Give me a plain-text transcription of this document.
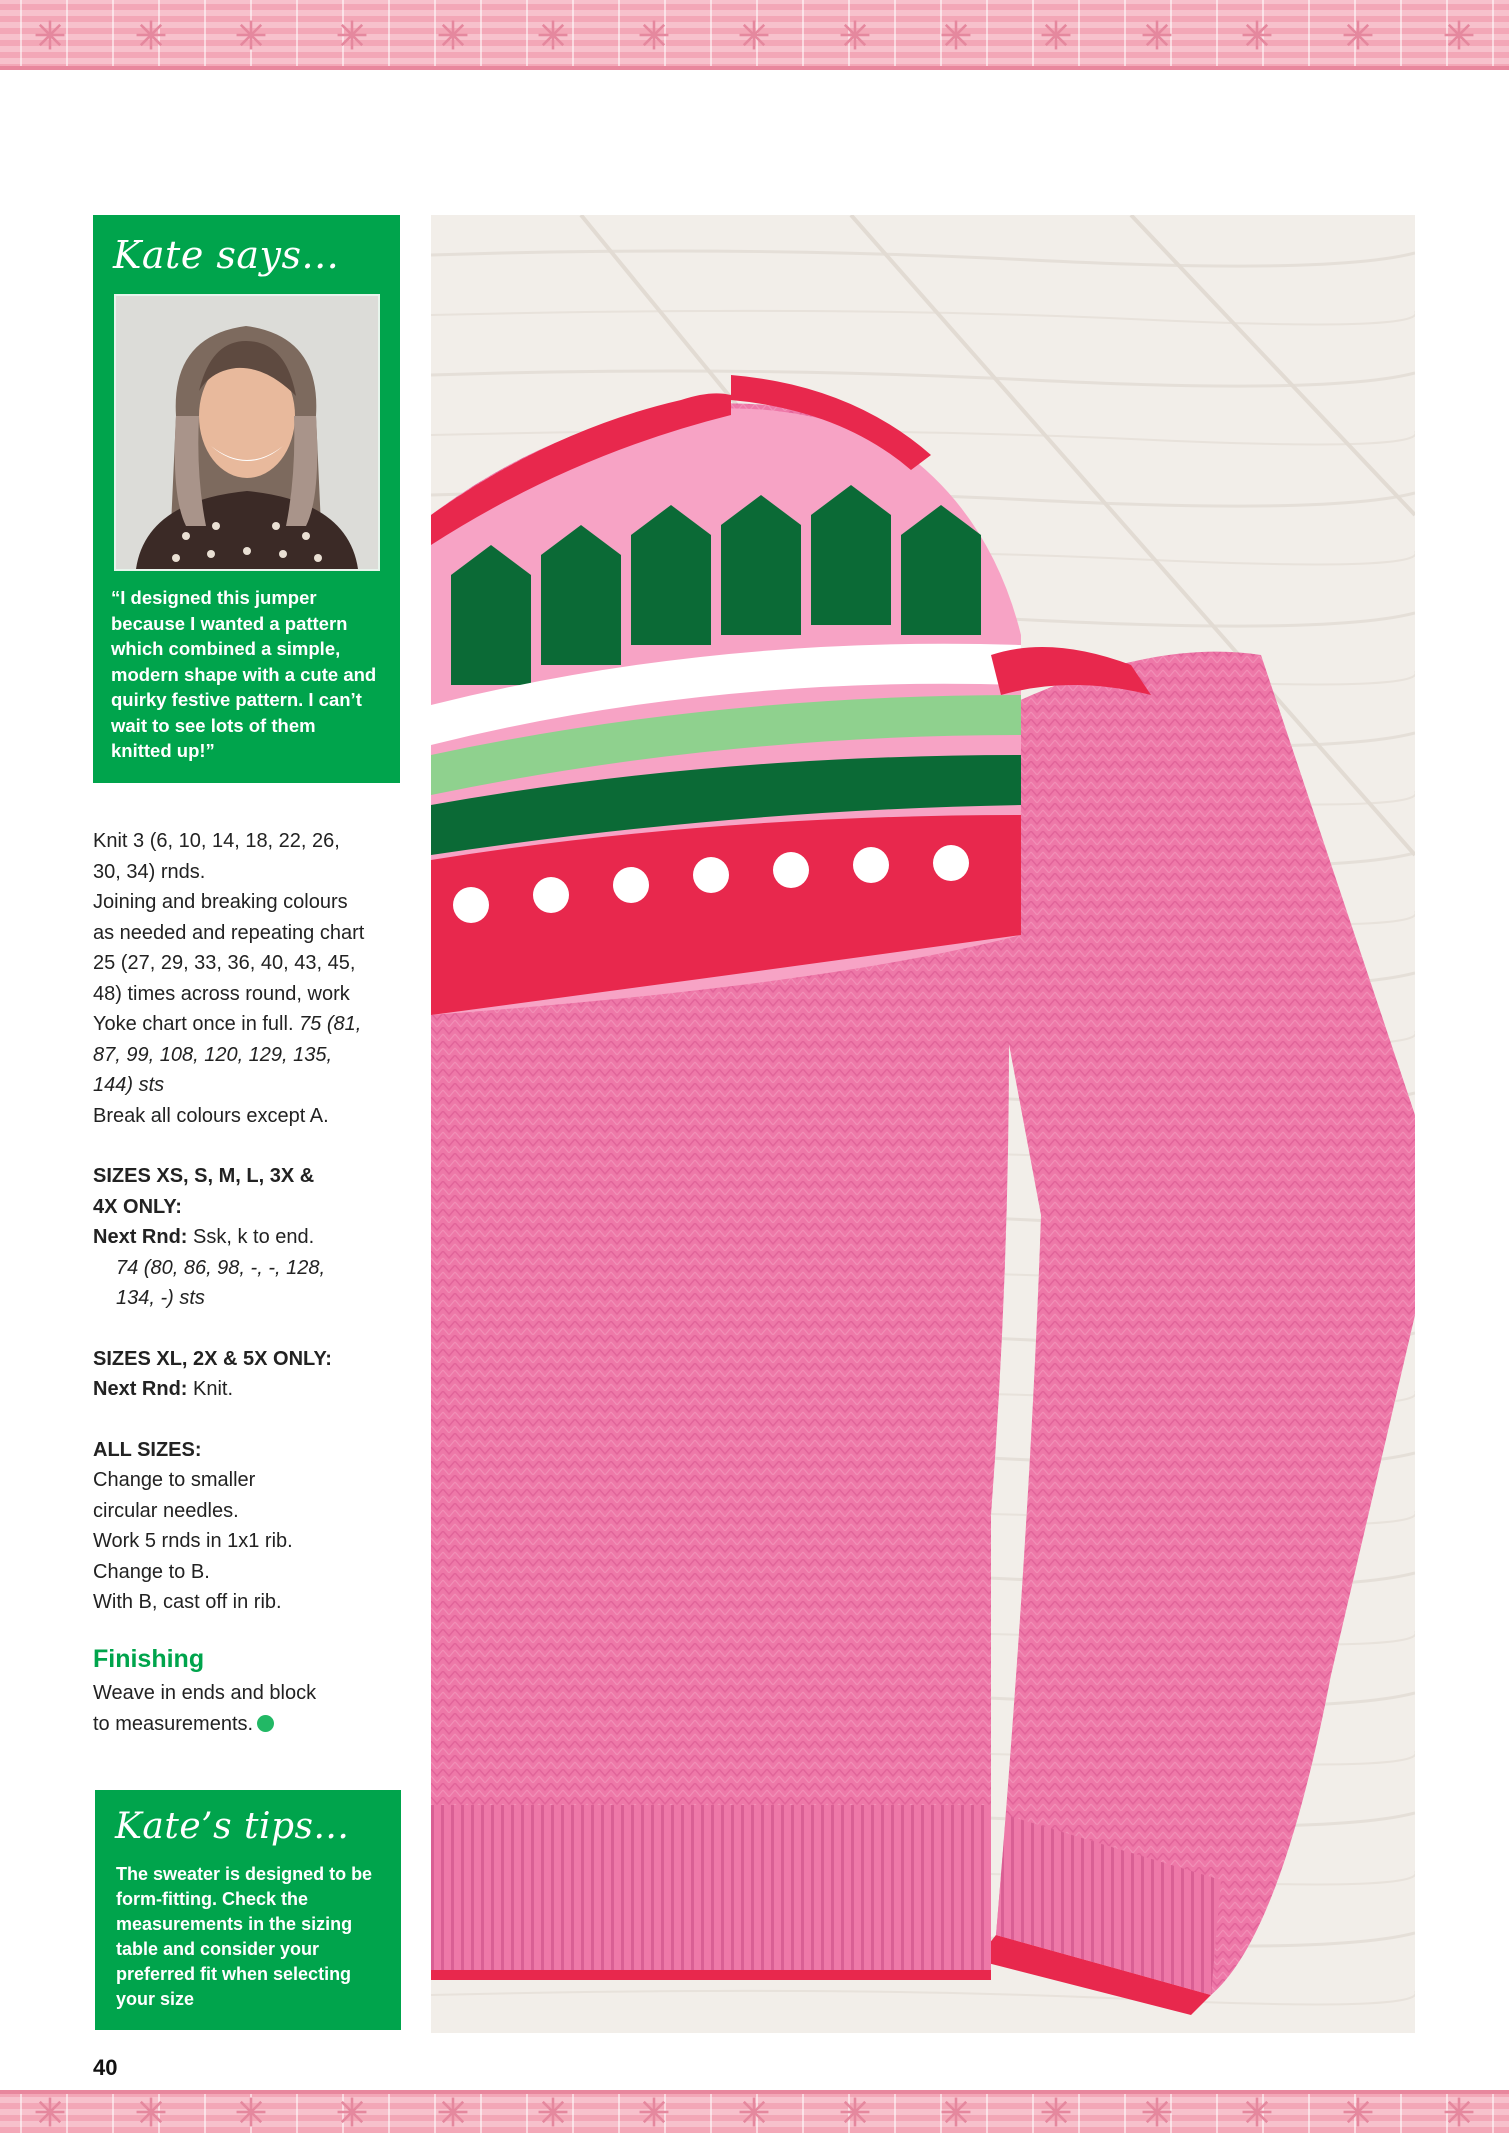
Kate says...
“I designed this jumper because I wanted a pattern which combined a simple, modern shape with a cute and quirky festive pattern. I can’t wait to see lots of them knitted up!”
Knit 3 (6, 10, 14, 18, 22, 26,
30, 34) rnds.
Joining and breaking colours
as needed and repeating chart
25 (27, 29, 33, 36, 40, 43, 45,
48) times across round, work
Yoke chart once in full. 75 (81,
87, 99, 108, 120, 129, 135,
144) sts
Break all colours except A.
SIZES XS, S, M, L, 3X &
4X ONLY:
Next Rnd: Ssk, k to end.
74 (80, 86, 98, -, -, 128,
134, -) sts
SIZES XL, 2X & 5X ONLY:
Next Rnd: Knit.
ALL SIZES:
Change to smaller
circular needles.
Work 5 rnds in 1x1 rib.
Change to B.
With B, cast off in rib.
Finishing
Weave in ends and block
to measurements.
Kate’s tips...
The sweater is designed to be form-fitting. Check the measurements in the sizing table and consider your preferred fit when selecting your size
40
